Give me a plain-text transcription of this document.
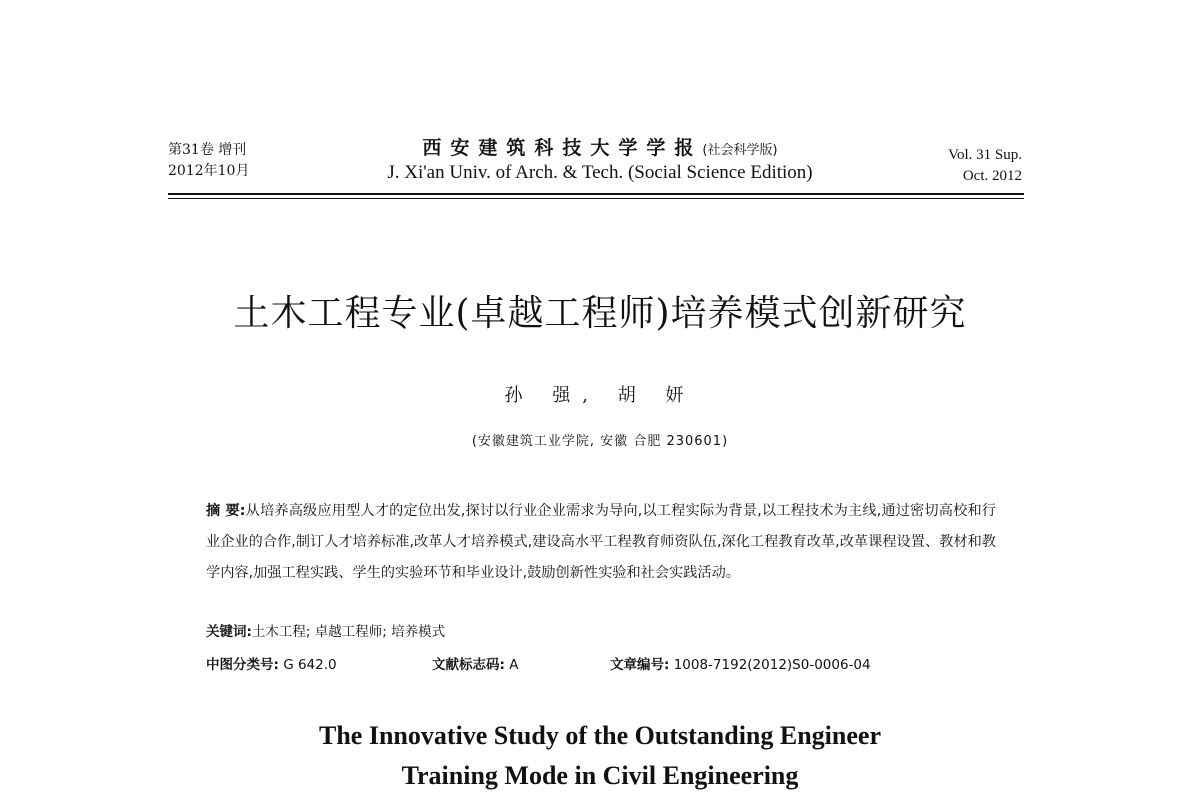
第31卷 增刊
2012年10月
西安建筑科技大学学报(社会科学版)
J. Xi'an Univ. of Arch. & Tech. (Social Science Edition)
Vol. 31 Sup.
Oct. 2012
土木工程专业(卓越工程师)培养模式创新研究
孙 强, 胡 妍
(安徽建筑工业学院, 安徽 合肥 230601)
摘 要:从培养高级应用型人才的定位出发,探讨以行业企业需求为导向,以工程实际为背景,以工程技术为主线,通过密切高校和行业企业的合作,制订人才培养标准,改革人才培养模式,建设高水平工程教育师资队伍,深化工程教育改革,改革课程设置、教材和教学内容,加强工程实践、学生的实验环节和毕业设计,鼓励创新性实验和社会实践活动。
关键词:土木工程; 卓越工程师; 培养模式
中图分类号: G 642.0	文献标志码: A	文章编号: 1008-7192(2012)S0-0006-04
The Innovative Study of the Outstanding Engineer
Training Mode in Civil Engineering
